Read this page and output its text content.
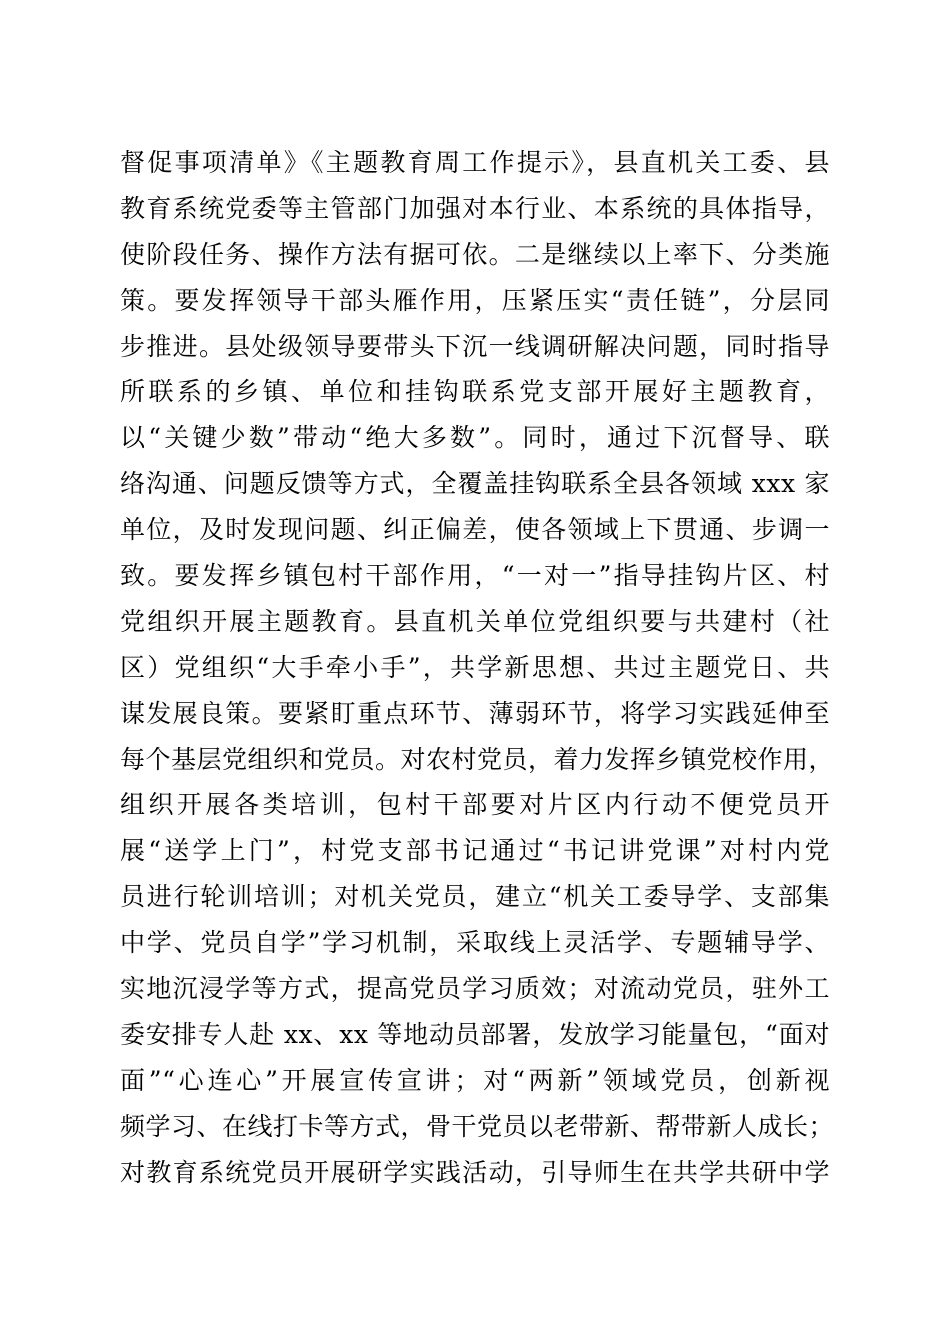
督促事项清单》《主题教育周工作提示》，县直机关工委、县
教育系统党委等主管部门加强对本行业、本系统的具体指导，
使阶段任务、操作方法有据可依。二是继续以上率下、分类施
策。要发挥领导干部头雁作用，压紧压实“责任链”，分层同
步推进。县处级领导要带头下沉一线调研解决问题，同时指导
所联系的乡镇、单位和挂钩联系党支部开展好主题教育，
以“关键少数”带动“绝大多数”。同时，通过下沉督导、联
络沟通、问题反馈等方式，全覆盖挂钩联系全县各领域 xxx 家
单位，及时发现问题、纠正偏差，使各领域上下贯通、步调一
致。要发挥乡镇包村干部作用，“一对一”指导挂钩片区、村
党组织开展主题教育。县直机关单位党组织要与共建村（社
区）党组织“大手牵小手”，共学新思想、共过主题党日、共
谋发展良策。要紧盯重点环节、薄弱环节，将学习实践延伸至
每个基层党组织和党员。对农村党员，着力发挥乡镇党校作用，
组织开展各类培训，包村干部要对片区内行动不便党员开
展“送学上门”，村党支部书记通过“书记讲党课”对村内党
员进行轮训培训；对机关党员，建立“机关工委导学、支部集
中学、党员自学”学习机制，采取线上灵活学、专题辅导学、
实地沉浸学等方式，提高党员学习质效；对流动党员，驻外工
委安排专人赴 xx、xx 等地动员部署，发放学习能量包，“面对
面”“心连心”开展宣传宣讲；对“两新”领域党员，创新视
频学习、在线打卡等方式，骨干党员以老带新、帮带新人成长；
对教育系统党员开展研学实践活动，引导师生在共学共研中学
